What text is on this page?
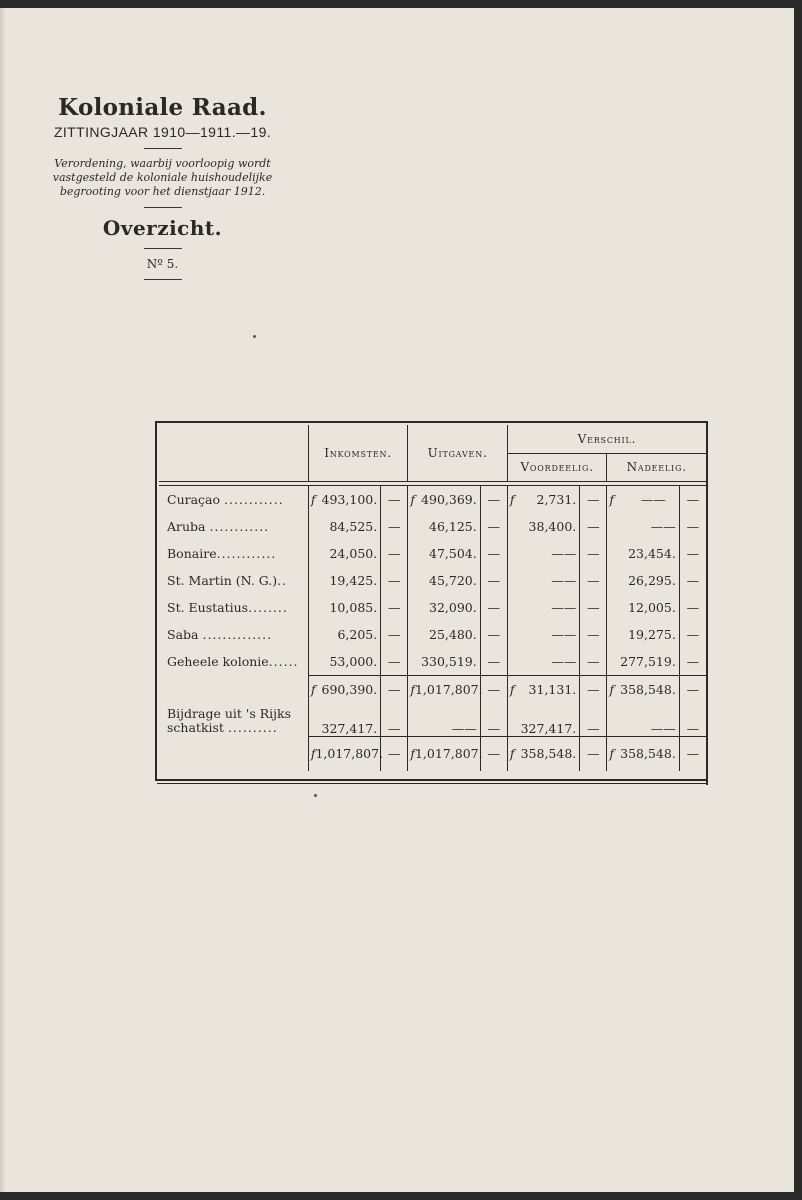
Koloniale Raad.
ZITTINGJAAR 1910—1911.—19.
Verordening, waarbij voorloopig wordt vastgesteld de koloniale huishoudelijke begrooting voor het dienstjaar 1912.
Overzicht.
Nº 5.
	Inkomsten.		Uitgaven.		Verschil.			
					Voordeelig.		Nadeelig.	

Curaçao ............	f 493,100.	—	f 490,369.	—	f 2,731.	—	f ——	—
Aruba ............	84,525.	—	46,125.	—	38,400.	—	——	—
Bonaire............	24,050.	—	47,504.	—	——	—	23,454.	—
St. Martin (N. G.)..	19,425.	—	45,720.	—	——	—	26,295.	—
St. Eustatius........	10,085.	—	32,090.	—	——	—	12,005.	—
Saba ..............	6,205.	—	25,480.	—	——	—	19,275.	—
Geheele kolonie......	53,000.	—	330,519.	—	——	—	277,519.	—
Bijdrage uit 's Rijks
schatkist ..........	f 690,390.	—	f 1,017,807.	—	f 31,131.	—	f 358,548.	—
	327,417.	—	——	—	327,417.	—	——	—

	f 1,017,807.	—	f 1,017,807.	—	f 358,548.	—	f 358,548.	—
